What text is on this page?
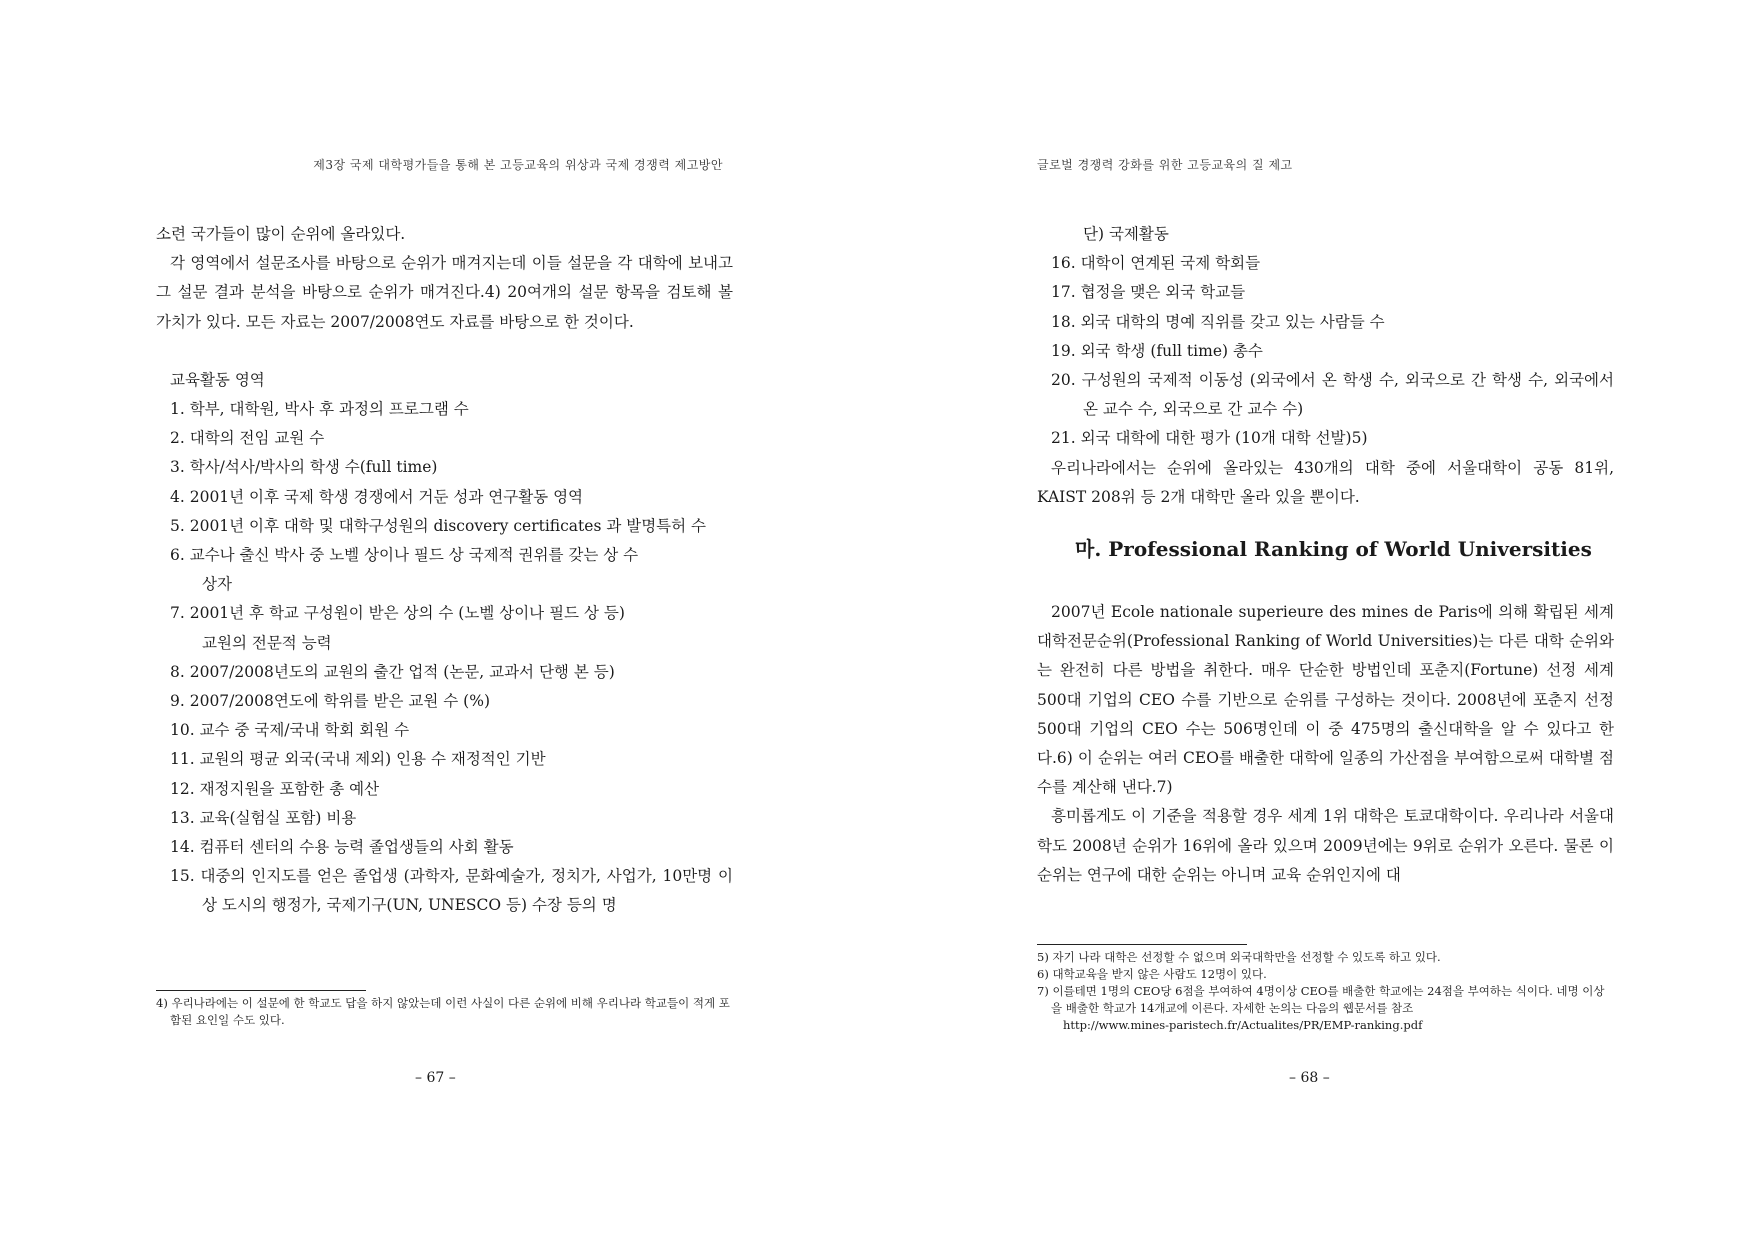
제3장 국제 대학평가들을 통해 본 고등교육의 위상과 국제 경쟁력 제고방안

소련 국가들이 많이 순위에 올라있다.

각 영역에서 설문조사를 바탕으로 순위가 매겨지는데 이들 설문을 각 대학에 보내고 그 설문 결과 분석을 바탕으로 순위가 매겨진다.4) 20여개의 설문 항목을 검토해 볼 가치가 있다. 모든 자료는 2007/2008연도 자료를 바탕으로 한 것이다.

교육활동 영역

1. 학부, 대학원, 박사 후 과정의 프로그램 수

2. 대학의 전임 교원 수

3. 학사/석사/박사의 학생 수(full time)

4. 2001년 이후 국제 학생 경쟁에서 거둔 성과 연구활동 영역

5. 2001년 이후 대학 및 대학구성원의 discovery certificates 과 발명특허 수

6. 교수나 출신 박사 중 노벨 상이나 필드 상 국제적 권위를 갖는 상 수

상자

7. 2001년 후 학교 구성원이 받은 상의 수 (노벨 상이나 필드 상 등)

교원의 전문적 능력

8. 2007/2008년도의 교원의 출간 업적 (논문, 교과서 단행 본 등)

9. 2007/2008연도에 학위를 받은 교원 수 (%)

10. 교수 중 국제/국내 학회 회원 수

11. 교원의 평균 외국(국내 제외) 인용 수 재정적인 기반

12. 재정지원을 포함한 총 예산

13. 교육(실험실 포함) 비용

14. 컴퓨터 센터의 수용 능력 졸업생들의 사회 활동

15. 대중의 인지도를 얻은 졸업생 (과학자, 문화예술가, 정치가, 사업가, 10만명 이상 도시의 행정가, 국제기구(UN, UNESCO 등) 수장 등의 명

4) 우리나라에는 이 설문에 한 학교도 답을 하지 않았는데 이런 사실이 다른 순위에 비해 우리나라 학교들이 적게 포함된 요인일 수도 있다.

– 67 –
글로벌 경쟁력 강화를 위한 고등교육의 질 제고

단) 국제활동

16. 대학이 연계된 국제 학회들

17. 협정을 맺은 외국 학교들

18. 외국 대학의 명예 직위를 갖고 있는 사람들 수

19. 외국 학생 (full time) 총수

20. 구성원의 국제적 이동성 (외국에서 온 학생 수, 외국으로 간 학생 수, 외국에서 온 교수 수, 외국으로 간 교수 수)

21. 외국 대학에 대한 평가 (10개 대학 선발)5)

우리나라에서는 순위에 올라있는 430개의 대학 중에 서울대학이 공동 81위, KAIST 208위 등 2개 대학만 올라 있을 뿐이다.

마. Professional Ranking of World Universities

2007년 Ecole nationale superieure des mines de Paris에 의해 확립된 세계대학전문순위(Professional Ranking of World Universities)는 다른 대학 순위와는 완전히 다른 방법을 취한다. 매우 단순한 방법인데 포춘지(Fortune) 선정 세계 500대 기업의 CEO 수를 기반으로 순위를 구성하는 것이다. 2008년에 포춘지 선정 500대 기업의 CEO 수는 506명인데 이 중 475명의 출신대학을 알 수 있다고 한다.6) 이 순위는 여러 CEO를 배출한 대학에 일종의 가산점을 부여함으로써 대학별 점수를 계산해 낸다.7)

흥미롭게도 이 기준을 적용할 경우 세계 1위 대학은 토쿄대학이다. 우리나라 서울대학도 2008년 순위가 16위에 올라 있으며 2009년에는 9위로 순위가 오른다. 물론 이 순위는 연구에 대한 순위는 아니며 교육 순위인지에 대

5) 자기 나라 대학은 선정할 수 없으며 외국대학만을 선정할 수 있도록 하고 있다.

6) 대학교육을 받지 않은 사람도 12명이 있다.

7) 이를테면 1명의 CEO당 6점을 부여하여 4명이상 CEO를 배출한 학교에는 24점을 부여하는 식이다. 네명 이상을 배출한 학교가 14개교에 이른다. 자세한 논의는 다음의 웹문서를 참조

http://www.mines-paristech.fr/Actualites/PR/EMP-ranking.pdf

– 68 –
